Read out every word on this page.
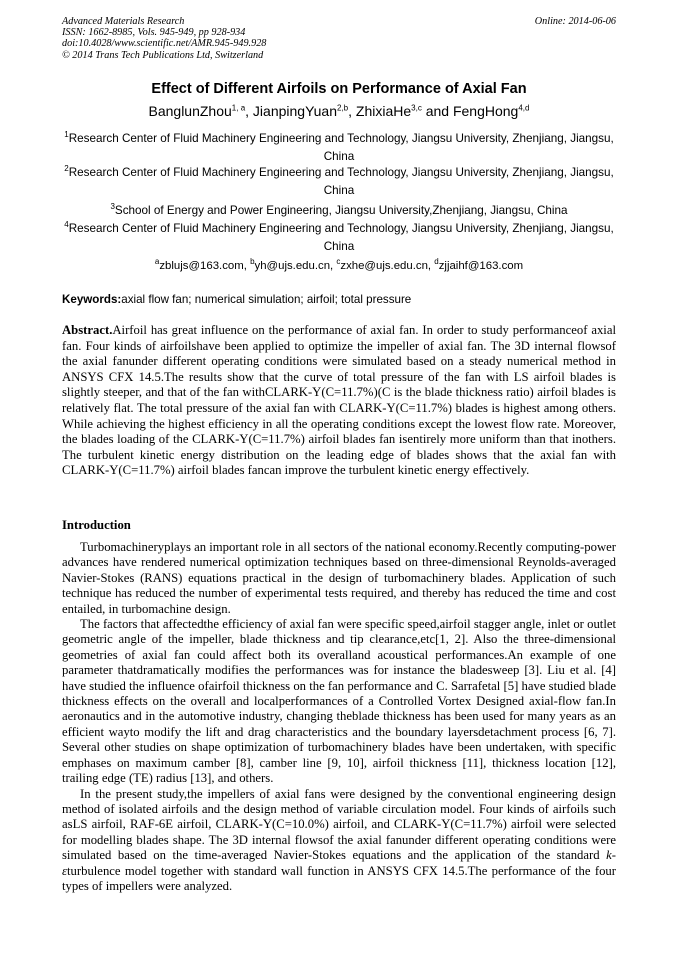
Advanced Materials Research
ISSN: 1662-8985, Vols. 945-949, pp 928-934
doi:10.4028/www.scientific.net/AMR.945-949.928
© 2014 Trans Tech Publications Ltd, Switzerland
Online: 2014-06-06
Effect of Different Airfoils on Performance of Axial Fan
BanglunZhou$^{1, a}$, JianpingYuan$^{2,b}$, ZhixiaHe$^{3,c}$ and FengHong$^{4,d}$
$^1$Research Center of Fluid Machinery Engineering and Technology, Jiangsu University, Zhenjiang, Jiangsu, China
$^2$Research Center of Fluid Machinery Engineering and Technology, Jiangsu University, Zhenjiang, Jiangsu, China
$^3$School of Energy and Power Engineering, Jiangsu University,Zhenjiang, Jiangsu, China
$^4$Research Center of Fluid Machinery Engineering and Technology, Jiangsu University, Zhenjiang, Jiangsu, China
$^a$zblujs@163.com, $^b$yh@ujs.edu.cn, $^c$zxhe@ujs.edu.cn, $^d$zjjaihf@163.com
Keywords:axial flow fan; numerical simulation; airfoil; total pressure
Abstract.Airfoil has great influence on the performance of axial fan. In order to study performanceof axial fan. Four kinds of airfoilshave been applied to optimize the impeller of axial fan. The 3D internal flowsof the axial fanunder different operating conditions were simulated based on a steady numerical method in ANSYS CFX 14.5.The results show that the curve of total pressure of the fan with LS airfoil blades is slightly steeper, and that of the fan withCLARK-Y(C=11.7%)(C is the blade thickness ratio) airfoil blades is relatively flat. The total pressure of the axial fan with CLARK-Y(C=11.7%) blades is highest among others. While achieving the highest efficiency in all the operating conditions except the lowest flow rate. Moreover, the blades loading of the CLARK-Y(C=11.7%) airfoil blades fan isentirely more uniform than that inothers. The turbulent kinetic energy distribution on the leading edge of blades shows that the axial fan with CLARK-Y(C=11.7%) airfoil blades fancan improve the turbulent kinetic energy effectively.
Introduction

Turbomachineryplays an important role in all sectors of the national economy.Recently computing-power advances have rendered numerical optimization techniques based on three-dimensional Reynolds-averaged Navier-Stokes (RANS) equations practical in the design of turbomachinery blades. Application of such technique has reduced the number of experimental tests required, and thereby has reduced the time and cost entailed, in turbomachine design.

The factors that affectedthe efficiency of axial fan were specific speed,airfoil stagger angle, inlet or outlet geometric angle of the impeller, blade thickness and tip clearance,etc[1, 2]. Also the three-dimensional geometries of axial fan could affect both its overalland acoustical performances.An example of one parameter thatdramatically modifies the performances was for instance the bladesweep [3]. Liu et al. [4] have studied the influence ofairfoil thickness on the fan performance and C. Sarrafetal [5] have studied blade thickness effects on the overall and localperformances of a Controlled Vortex Designed axial-flow fan.In aeronautics and in the automotive industry, changing theblade thickness has been used for many years as an efficient wayto modify the lift and drag characteristics and the boundary layersdetachment process [6, 7]. Several other studies on shape optimization of turbomachinery blades have been undertaken, with specific emphases on maximum camber [8], camber line [9, 10], airfoil thickness [11], thickness location [12], trailing edge (TE) radius [13], and others.

In the present study,the impellers of axial fans were designed by the conventional engineering design method of isolated airfoils and the design method of variable circulation model. Four kinds of airfoils such asLS airfoil, RAF-6E airfoil, CLARK-Y(C=10.0%) airfoil, and CLARK-Y(C=11.7%) airfoil were selected for modelling blades shape. The 3D internal flowsof the axial fanunder different operating conditions were simulated based on the time-averaged Navier-Stokes equations and the application of the standard k-εturbulence model together with standard wall function in ANSYS CFX 14.5.The performance of the four types of impellers were analyzed.
